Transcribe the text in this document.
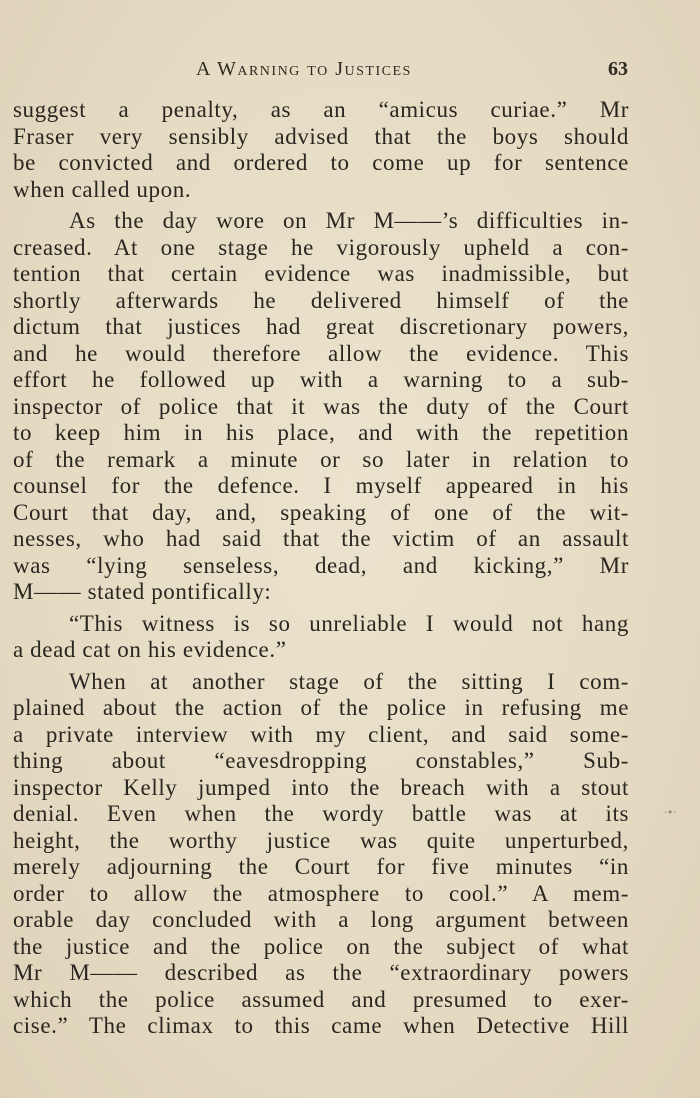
A Warning to Justices	63
suggest a penalty, as an “amicus curiae.” Mr
Fraser very sensibly advised that the boys should
be convicted and ordered to come up for sentence
when called upon.
As the day wore on Mr M——’s difficulties in-
creased. At one stage he vigorously upheld a con-
tention that certain evidence was inadmissible, but
shortly afterwards he delivered himself of the
dictum that justices had great discretionary powers,
and he would therefore allow the evidence. This
effort he followed up with a warning to a sub-
inspector of police that it was the duty of the Court
to keep him in his place, and with the repetition
of the remark a minute or so later in relation to
counsel for the defence. I myself appeared in his
Court that day, and, speaking of one of the wit-
nesses, who had said that the victim of an assault
was “lying senseless, dead, and kicking,” Mr
M—— stated pontifically:
“This witness is so unreliable I would not hang
a dead cat on his evidence.”
When at another stage of the sitting I com-
plained about the action of the police in refusing me
a private interview with my client, and said some-
thing about “eavesdropping constables,” Sub-
inspector Kelly jumped into the breach with a stout
denial. Even when the wordy battle was at its
height, the worthy justice was quite unperturbed,
merely adjourning the Court for five minutes “in
order to allow the atmosphere to cool.” A mem-
orable day concluded with a long argument between
the justice and the police on the subject of what
Mr M—— described as the “extraordinary powers
which the police assumed and presumed to exer-
cise.” The climax to this came when Detective Hill
·•·
